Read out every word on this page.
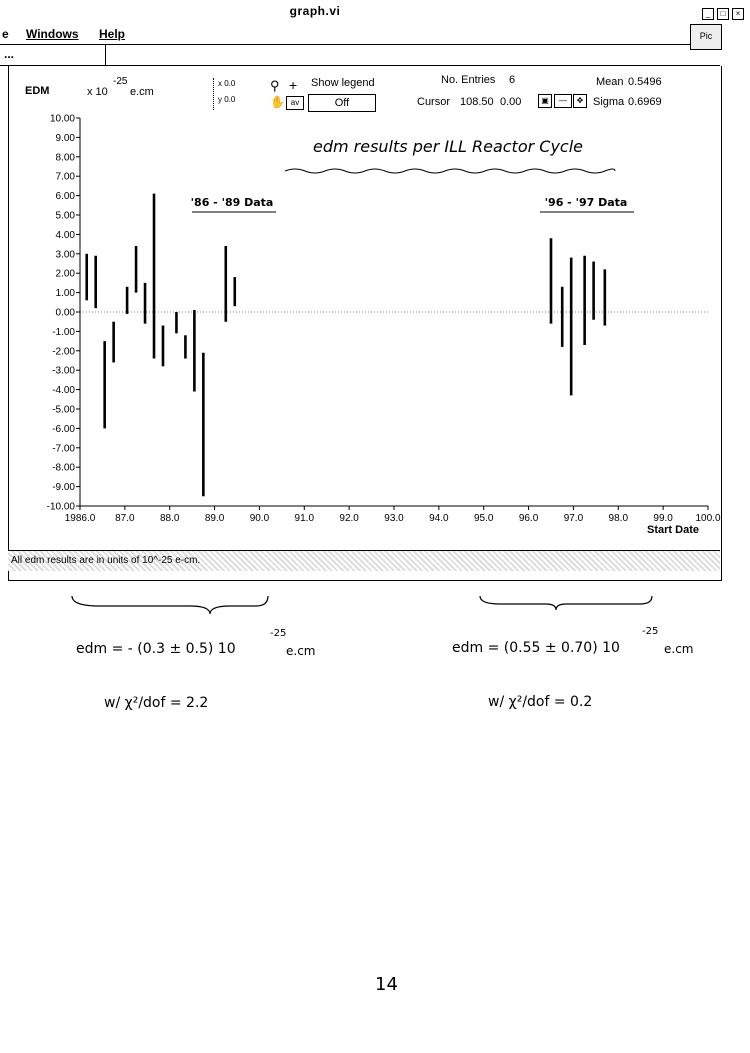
graph.vi	_	□	×
e Windows Help	Pic
...
EDM	x 10
-25
e.cm
x 0.0
y 0.0
⚲ +
✋ av
Show legend
Off
No. Entries 6
Cursor 108.50 0.00	▣	—	✥
Mean 0.5496
Sigma 0.6969
10.00
9.00
8.00
7.00
6.00
5.00
4.00
3.00
2.00
1.00
0.00
-1.00
-2.00
-3.00
-4.00
-5.00
-6.00
-7.00
-8.00
-9.00
-10.00
1986.0 87.0	88.0	89.0	90.0	91.0	92.0	93.0	94.0	95.0	96.0	97.0	98.0	99.0 100.0
edm results per ILL Reactor Cycle
'86 - '89 Data	'96 - '97 Data
Start Date
All edm results are in units of 10^-25 e-cm.
edm = - (0.3 ± 0.5) 10
-25
e.cm
w/ χ²/dof = 2.2
edm = (0.55 ± 0.70) 10
-25
e.cm
w/ χ²/dof = 0.2
14
